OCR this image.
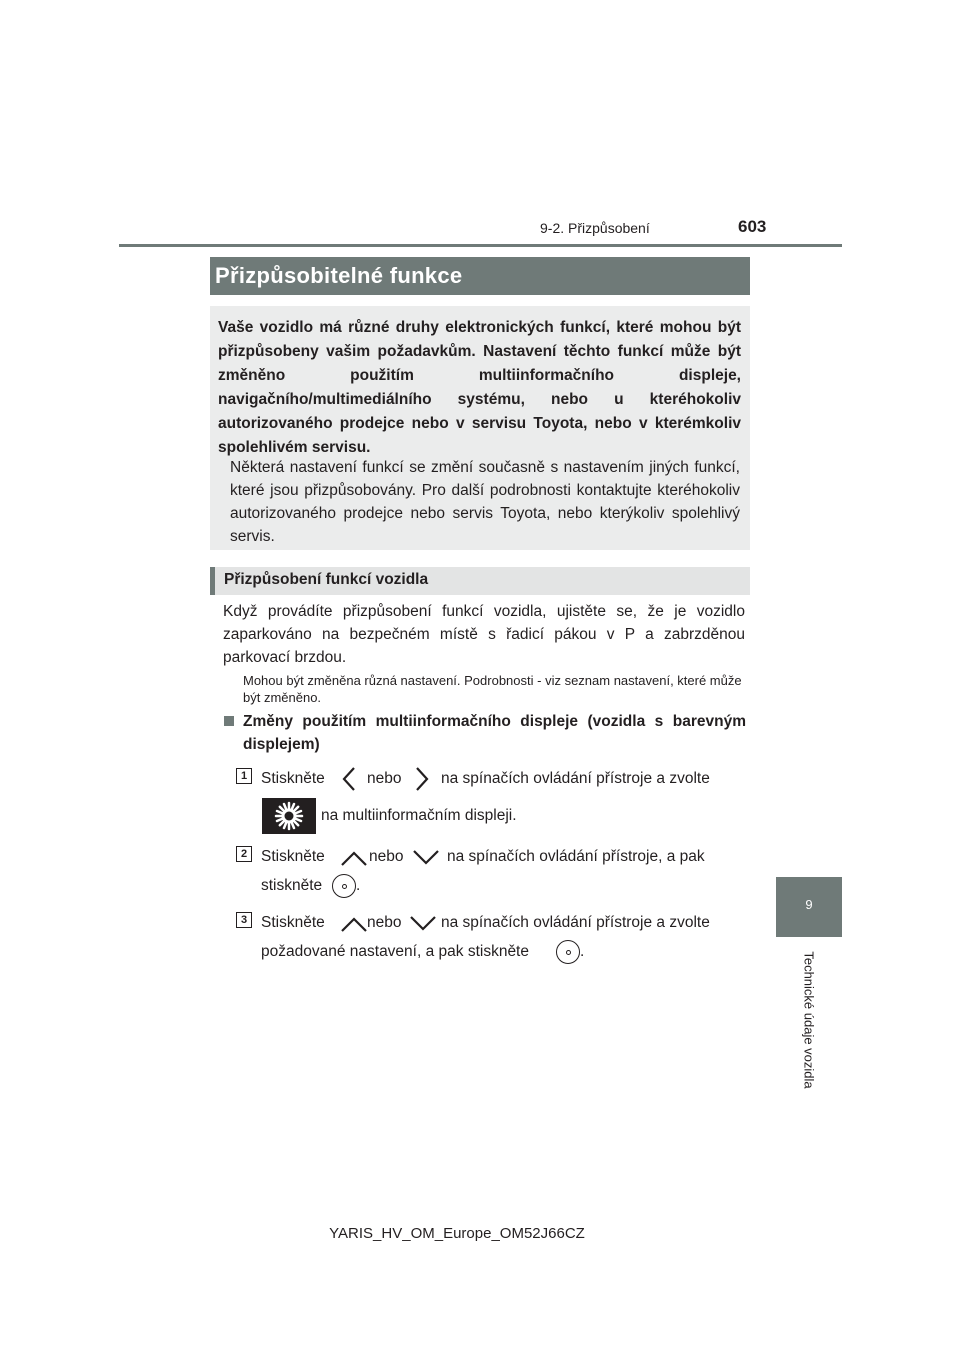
9-2. Přizpůsobení	603
9
Technické údaje vozidla
Přizpůsobitelné funkce

Vaše vozidlo má různé druhy elektronických funkcí, které mohou být přizpůsobeny vašim požadavkům. Nastavení těchto funkcí může být změněno použitím multiinformačního displeje, navigačního/multimediálního systému, nebo u kteréhokoliv autorizovaného prodejce nebo v servisu Toyota, nebo v kterémkoliv spolehlivém servisu.

Některá nastavení funkcí se změní současně s nastavením jiných funkcí, které jsou přizpůsobovány. Pro další podrobnosti kontaktujte kteréhokoliv autorizovaného prodejce nebo servis Toyota, nebo kterýkoliv spolehlivý servis.

Přizpůsobení funkcí vozidla

Když provádíte přizpůsobení funkcí vozidla, ujistěte se, že je vozidlo zaparkováno na bezpečném místě s řadicí pákou v P a zabrzděnou parkovací brzdou.

Mohou být změněna různá nastavení. Podrobnosti - viz seznam nastavení, které může být změněno.

Změny použitím multiinformačního displeje (vozidla s barevným displejem)

1 Stiskněte	nebo	na spínačích ovládání přístroje a zvolte
na multiinformačním displeji.
2 Stiskněte	nebo	na spínačích ovládání přístroje, a pak
stiskněte .
3 Stiskněte	nebo	na spínačích ovládání přístroje a zvolte
požadované nastavení, a pak stiskněte	.
YARIS_HV_OM_Europe_OM52J66CZ
